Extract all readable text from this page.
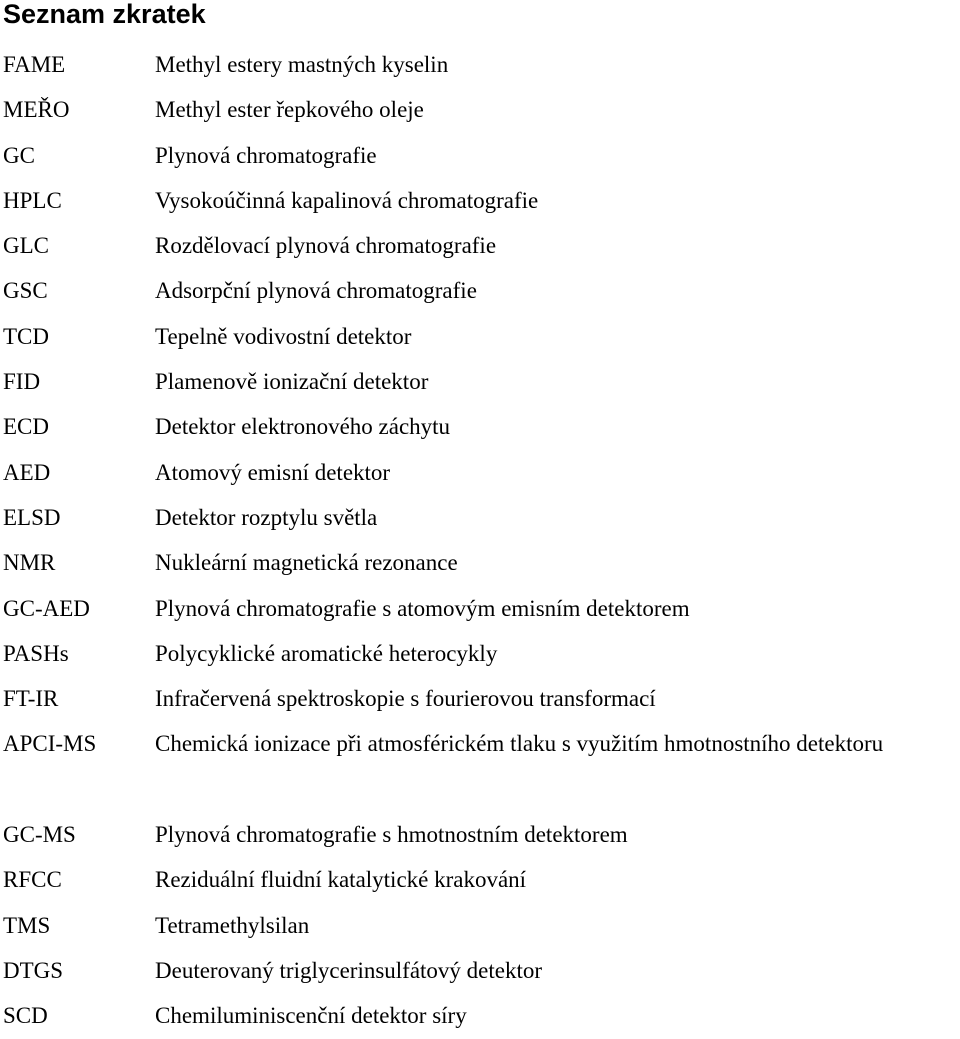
Seznam zkratek
FAME	Methyl estery mastných kyselin
MEŘO	Methyl ester řepkového oleje
GC	Plynová chromatografie
HPLC	Vysokoúčinná kapalinová chromatografie
GLC	Rozdělovací plynová chromatografie
GSC	Adsorpční plynová chromatografie
TCD	Tepelně vodivostní detektor
FID	Plamenově ionizační detektor
ECD	Detektor elektronového záchytu
AED	Atomový emisní detektor
ELSD	Detektor rozptylu světla
NMR	Nukleární magnetická rezonance
GC-AED	Plynová chromatografie s atomovým emisním detektorem
PASHs	Polycyklické aromatické heterocykly
FT-IR	Infračervená spektroskopie s fourierovou transformací
APCI-MS	Chemická ionizace při atmosférickém tlaku s využitím hmotnostního detektoru
GC-MS	Plynová chromatografie s hmotnostním detektorem
RFCC	Reziduální fluidní katalytické krakování
TMS	Tetramethylsilan
DTGS	Deuterovaný triglycerinsulfátový detektor
SCD	Chemiluminiscenční detektor síry
